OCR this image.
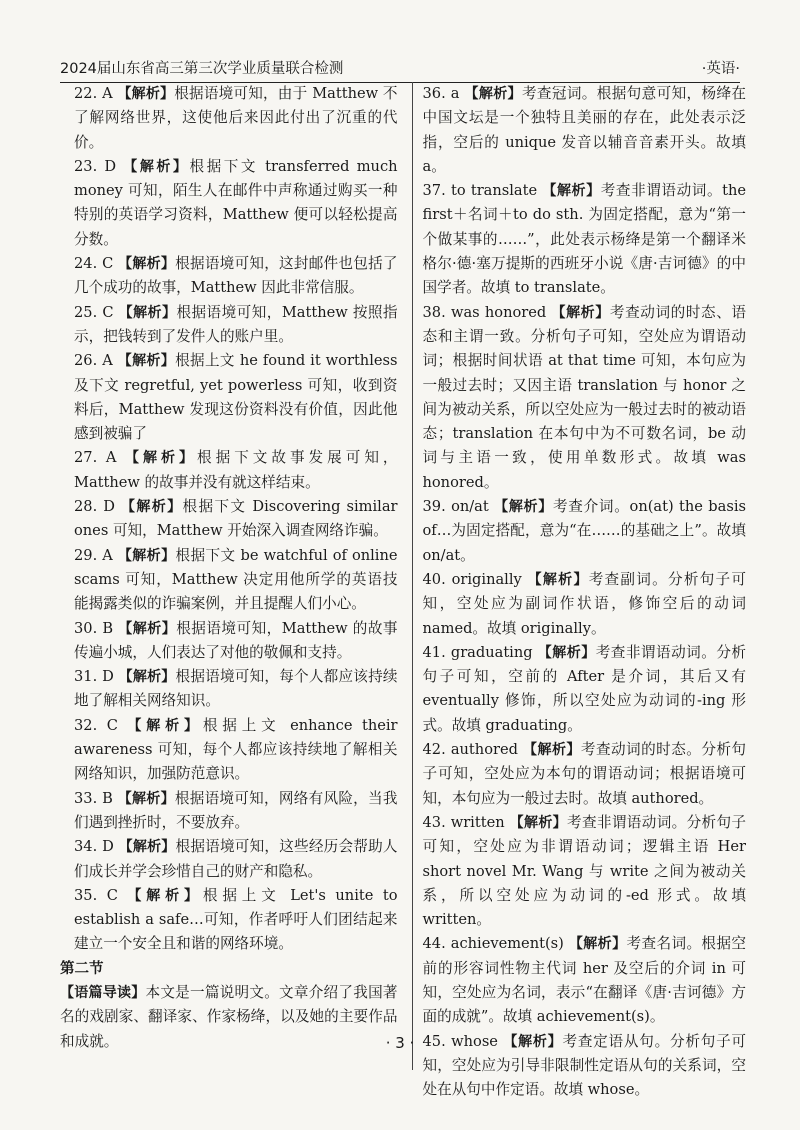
2024届山东省高三第三次学业质量联合检测	·英语·

22. A 【解析】根据语境可知，由于 Matthew 不了解网络世界，这使他后来因此付出了沉重的代价。

23. D 【解析】根据下文 transferred much money 可知，陌生人在邮件中声称通过购买一种特别的英语学习资料，Matthew 便可以轻松提高分数。

24. C 【解析】根据语境可知，这封邮件也包括了几个成功的故事，Matthew 因此非常信服。

25. C 【解析】根据语境可知，Matthew 按照指示，把钱转到了发件人的账户里。

26. A 【解析】根据上文 he found it worthless 及下文 regretful, yet powerless 可知，收到资料后，Matthew 发现这份资料没有价值，因此他感到被骗了

27. A 【解析】根据下文故事发展可知，Matthew 的故事并没有就这样结束。

28. D 【解析】根据下文 Discovering similar ones 可知，Matthew 开始深入调查网络诈骗。

29. A 【解析】根据下文 be watchful of online scams 可知，Matthew 决定用他所学的英语技能揭露类似的诈骗案例，并且提醒人们小心。

30. B 【解析】根据语境可知，Matthew 的故事传遍小城，人们表达了对他的敬佩和支持。

31. D 【解析】根据语境可知，每个人都应该持续地了解相关网络知识。

32. C 【解析】根据上文 enhance their awareness 可知，每个人都应该持续地了解相关网络知识，加强防范意识。

33. B 【解析】根据语境可知，网络有风险，当我们遇到挫折时，不要放弃。

34. D 【解析】根据语境可知，这些经历会帮助人们成长并学会珍惜自己的财产和隐私。

35. C 【解析】根据上文 Let's unite to establish a safe…可知，作者呼吁人们团结起来建立一个安全且和谐的网络环境。

第二节
【语篇导读】本文是一篇说明文。文章介绍了我国著名的戏剧家、翻译家、作家杨绛，以及她的主要作品和成就。

36. a 【解析】考查冠词。根据句意可知，杨绛在中国文坛是一个独特且美丽的存在，此处表示泛指，空后的 unique 发音以辅音音素开头。故填 a。

37. to translate 【解析】考查非谓语动词。the first＋名词＋to do sth. 为固定搭配，意为“第一个做某事的……”，此处表示杨绛是第一个翻译米格尔·德·塞万提斯的西班牙小说《唐·吉诃德》的中国学者。故填 to translate。

38. was honored 【解析】考查动词的时态、语态和主谓一致。分析句子可知，空处应为谓语动词；根据时间状语 at that time 可知，本句应为一般过去时；又因主语 translation 与 honor 之间为被动关系，所以空处应为一般过去时的被动语态；translation 在本句中为不可数名词，be 动词与主语一致，使用单数形式。故填 was honored。

39. on/at 【解析】考查介词。on(at) the basis of…为固定搭配，意为“在……的基础之上”。故填 on/at。

40. originally 【解析】考查副词。分析句子可知，空处应为副词作状语，修饰空后的动词 named。故填 originally。

41. graduating 【解析】考查非谓语动词。分析句子可知，空前的 After 是介词，其后又有 eventually 修饰，所以空处应为动词的-ing 形式。故填 graduating。

42. authored 【解析】考查动词的时态。分析句子可知，空处应为本句的谓语动词；根据语境可知，本句应为一般过去时。故填 authored。

43. written 【解析】考查非谓语动词。分析句子可知，空处应为非谓语动词；逻辑主语 Her short novel Mr. Wang 与 write 之间为被动关系，所以空处应为动词的-ed 形式。故填 written。

44. achievement(s) 【解析】考查名词。根据空前的形容词性物主代词 her 及空后的介词 in 可知，空处应为名词，表示“在翻译《唐·吉诃德》方面的成就”。故填 achievement(s)。

45. whose 【解析】考查定语从句。分析句子可知，空处应为引导非限制性定语从句的关系词，空处在从句中作定语。故填 whose。

· 3 ·
